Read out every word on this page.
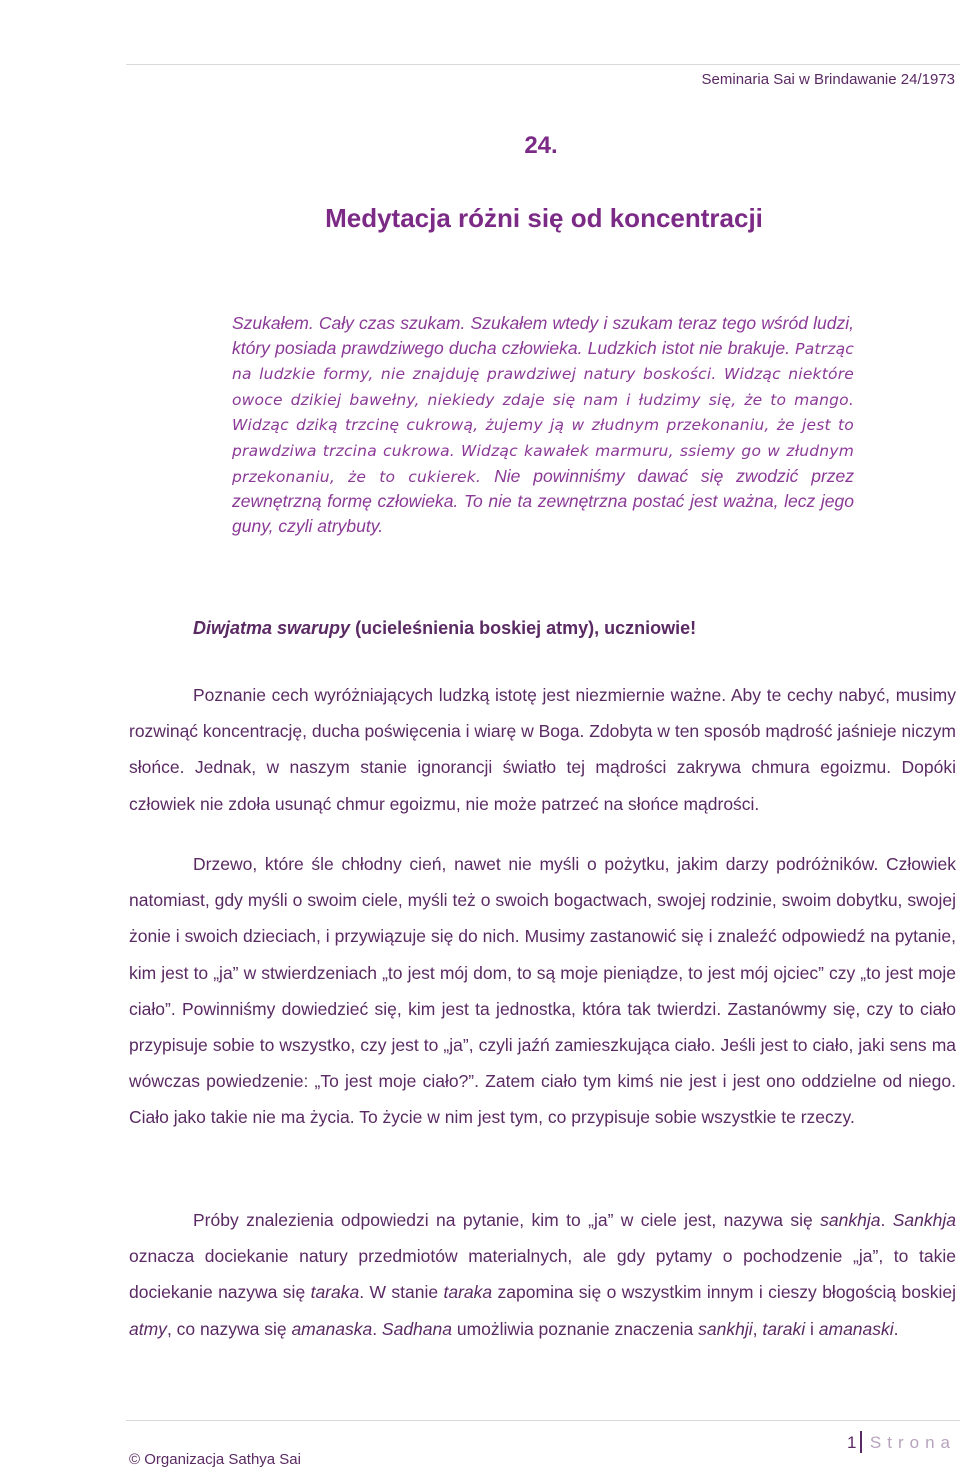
Seminaria Sai w Brindawanie 24/1973
24.
Medytacja różni się od koncentracji
Szukałem. Cały czas szukam. Szukałem wtedy i szukam teraz tego wśród ludzi, który posiada prawdziwego ducha człowieka. Ludzkich istot nie brakuje. Patrząc na ludzkie formy, nie znajduję prawdziwej natury boskości. Widząc niektóre owoce dzikiej bawełny, niekiedy zdaje się nam i łudzimy się, że to mango. Widząc dziką trzcinę cukrową, żujemy ją w złudnym przekonaniu, że jest to prawdziwa trzcina cukrowa. Widząc kawałek marmuru, ssiemy go w złudnym przekonaniu, że to cukierek. Nie powinniśmy dawać się zwodzić przez zewnętrzną formę człowieka. To nie ta zewnętrzna postać jest ważna, lecz jego guny, czyli atrybuty.
Diwjatma swarupy (ucieleśnienia boskiej atmy), uczniowie!
Poznanie cech wyróżniających ludzką istotę jest niezmiernie ważne. Aby te cechy nabyć, musimy rozwinąć koncentrację, ducha poświęcenia i wiarę w Boga. Zdobyta w ten sposób mądrość jaśnieje niczym słońce. Jednak, w naszym stanie ignorancji światło tej mądrości zakrywa chmura egoizmu. Dopóki człowiek nie zdoła usunąć chmur egoizmu, nie może patrzeć na słońce mądrości.
Drzewo, które śle chłodny cień, nawet nie myśli o pożytku, jakim darzy podróżników. Człowiek natomiast, gdy myśli o swoim ciele, myśli też o swoich bogactwach, swojej rodzinie, swoim dobytku, swojej żonie i swoich dzieciach, i przywiązuje się do nich. Musimy zastanowić się i znaleźć odpowiedź na pytanie, kim jest to „ja” w stwierdzeniach „to jest mój dom, to są moje pieniądze, to jest mój ojciec” czy „to jest moje ciało”. Powinniśmy dowiedzieć się, kim jest ta jednostka, która tak twierdzi. Zastanówmy się, czy to ciało przypisuje sobie to wszystko, czy jest to „ja”, czyli jaźń zamieszkująca ciało. Jeśli jest to ciało, jaki sens ma wówczas powiedzenie: „To jest moje ciało?”. Zatem ciało tym kimś nie jest i jest ono oddzielne od niego. Ciało jako takie nie ma życia. To życie w nim jest tym, co przypisuje sobie wszystkie te rzeczy.
Próby znalezienia odpowiedzi na pytanie, kim to „ja” w ciele jest, nazywa się sankhja. Sankhja oznacza dociekanie natury przedmiotów materialnych, ale gdy pytamy o pochodzenie „ja”, to takie dociekanie nazywa się taraka. W stanie taraka zapomina się o wszystkim innym i cieszy błogością boskiej atmy, co nazywa się amanaska. Sadhana umożliwia poznanie znaczenia sankhji, taraki i amanaski.
1 Strona
© Organizacja Sathya Sai
